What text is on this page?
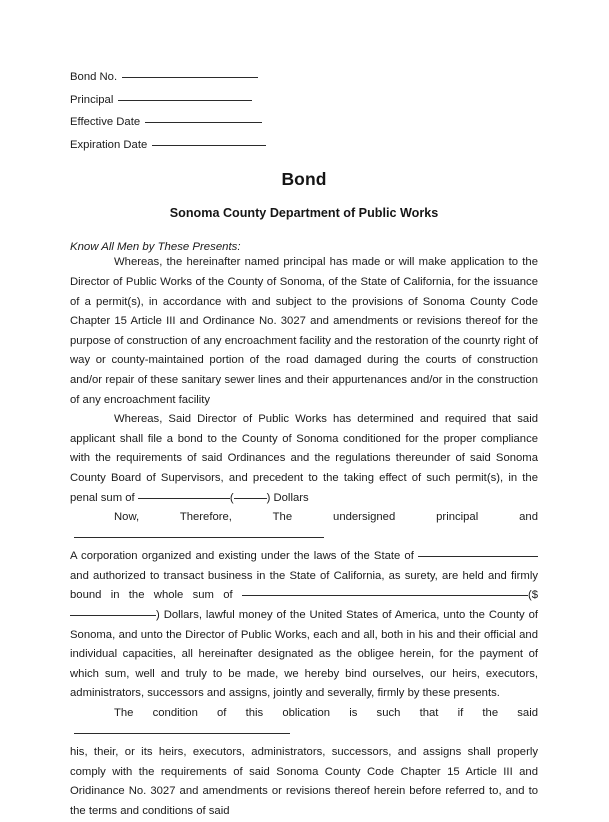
Bond No.
Principal
Effective Date
Expiration Date
Bond
Sonoma County Department of Public Works
Know All Men by These Presents:

Whereas, the hereinafter named principal has made or will make application to the Director of Public Works of the County of Sonoma, of the State of California, for the issuance of a permit(s), in accordance with and subject to the provisions of Sonoma County Code Chapter 15 Article III and Ordinance No. 3027 and amendments or revisions thereof for the purpose of construction of any encroachment facility and the restoration of the counrty right of way or county-maintained portion of the road damaged during the courts of construction and/or repair of these sanitary sewer lines and their appurtenances and/or in the construction of any encroachment facility

Whereas, Said Director of Public Works has determined and required that said applicant shall file a bond to the County of Sonoma conditioned for the proper compliance with the requirements of said Ordinances and the regulations thereunder of said Sonoma County Board of Supervisors, and precedent to the taking effect of such permit(s), in the penal sum of	(	) Dollars

Now, Therefore, The undersigned principal and

A corporation organized and existing under the laws of the State of  and authorized to transact business in the State of California, as surety, are held and firmly bound in the whole sum of	($) Dollars, lawful money of the United States of America, unto the County of Sonoma, and unto the Director of Public Works, each and all, both in his and their official and individual capacities, all hereinafter designated as the obligee herein, for the payment of which sum, well and truly to be made, we hereby bind ourselves, our heirs, executors, administrators, successors and assigns, jointly and severally, firmly by these presents.

The condition of this oblication is such that if the said

his, their, or its heirs, executors, administrators, successors, and assigns shall properly comply with the requirements of said Sonoma County Code Chapter 15 Article III and Oridinance No. 3027 and amendments or revisions thereof herein before referred to, and to the terms and conditions of said
